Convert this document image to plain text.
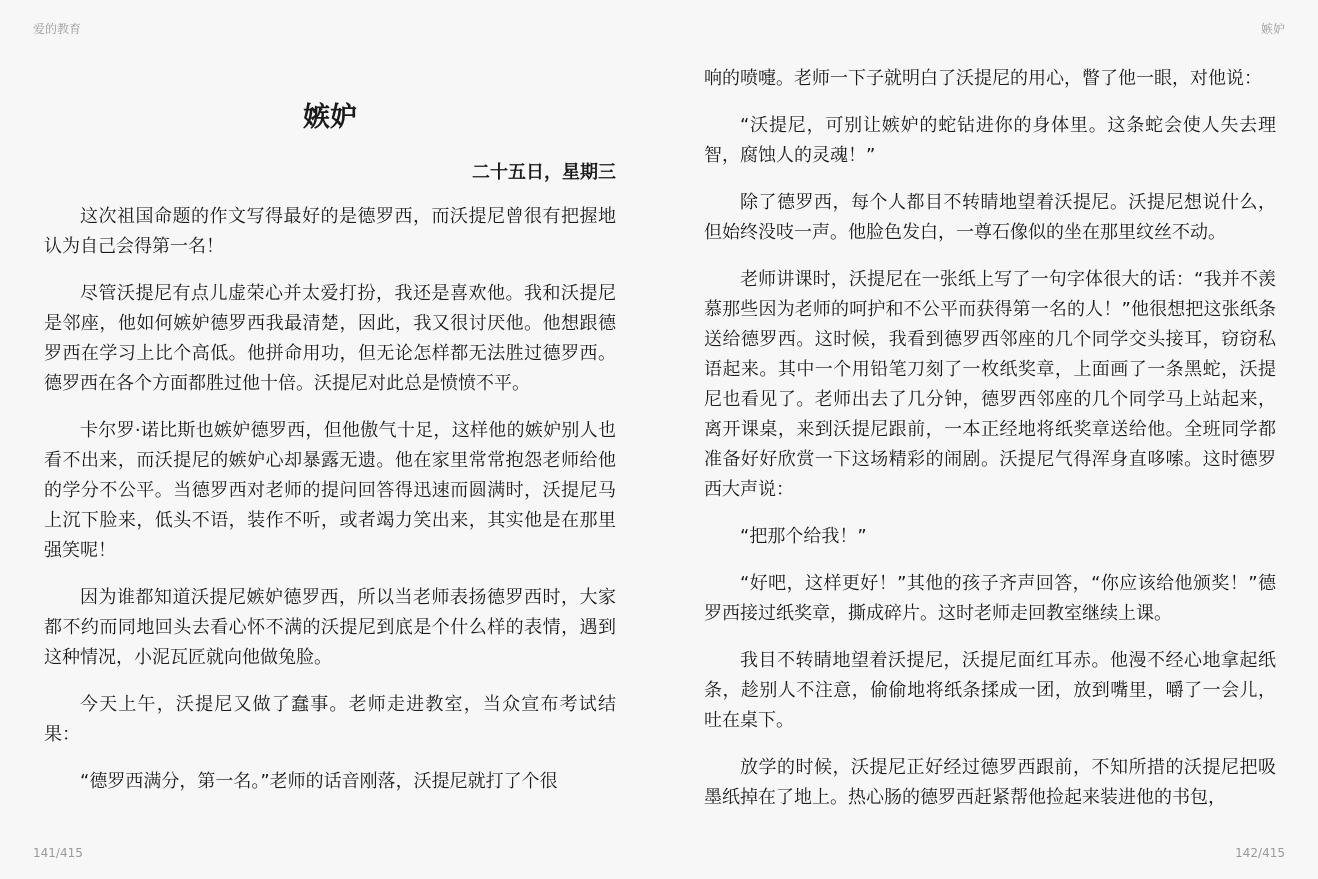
爱的教育
嫉妒
二十五日，星期三

这次祖国命题的作文写得最好的是德罗西，而沃提尼曾很有把握地认为自己会得第一名！

尽管沃提尼有点儿虚荣心并太爱打扮，我还是喜欢他。我和沃提尼是邻座，他如何嫉妒德罗西我最清楚，因此，我又很讨厌他。他想跟德罗西在学习上比个高低。他拼命用功，但无论怎样都无法胜过德罗西。德罗西在各个方面都胜过他十倍。沃提尼对此总是愤愤不平。

卡尔罗·诺比斯也嫉妒德罗西，但他傲气十足，这样他的嫉妒别人也看不出来，而沃提尼的嫉妒心却暴露无遗。他在家里常常抱怨老师给他的学分不公平。当德罗西对老师的提问回答得迅速而圆满时，沃提尼马上沉下脸来，低头不语，装作不听，或者竭力笑出来，其实他是在那里强笑呢！

因为谁都知道沃提尼嫉妒德罗西，所以当老师表扬德罗西时，大家都不约而同地回头去看心怀不满的沃提尼到底是个什么样的表情，遇到这种情况，小泥瓦匠就向他做兔脸。

今天上午，沃提尼又做了蠢事。老师走进教室，当众宣布考试结果：

“德罗西满分，第一名。”老师的话音刚落，沃提尼就打了个很

141/415
嫉妒

响的喷嚏。老师一下子就明白了沃提尼的用心，瞥了他一眼，对他说：

“沃提尼，可别让嫉妒的蛇钻进你的身体里。这条蛇会使人失去理智，腐蚀人的灵魂！”

除了德罗西，每个人都目不转睛地望着沃提尼。沃提尼想说什么，但始终没吱一声。他脸色发白，一尊石像似的坐在那里纹丝不动。

老师讲课时，沃提尼在一张纸上写了一句字体很大的话：“我并不羡慕那些因为老师的呵护和不公平而获得第一名的人！”他很想把这张纸条送给德罗西。这时候，我看到德罗西邻座的几个同学交头接耳，窃窃私语起来。其中一个用铅笔刀刻了一枚纸奖章，上面画了一条黑蛇，沃提尼也看见了。老师出去了几分钟，德罗西邻座的几个同学马上站起来，离开课桌，来到沃提尼跟前，一本正经地将纸奖章送给他。全班同学都准备好好欣赏一下这场精彩的闹剧。沃提尼气得浑身直哆嗦。这时德罗西大声说：

“把那个给我！”

“好吧，这样更好！”其他的孩子齐声回答，“你应该给他颁奖！”德罗西接过纸奖章，撕成碎片。这时老师走回教室继续上课。

我目不转睛地望着沃提尼，沃提尼面红耳赤。他漫不经心地拿起纸条，趁别人不注意，偷偷地将纸条揉成一团，放到嘴里，嚼了一会儿，吐在桌下。

放学的时候，沃提尼正好经过德罗西跟前，不知所措的沃提尼把吸墨纸掉在了地上。热心肠的德罗西赶紧帮他捡起来装进他的书包，

142/415
